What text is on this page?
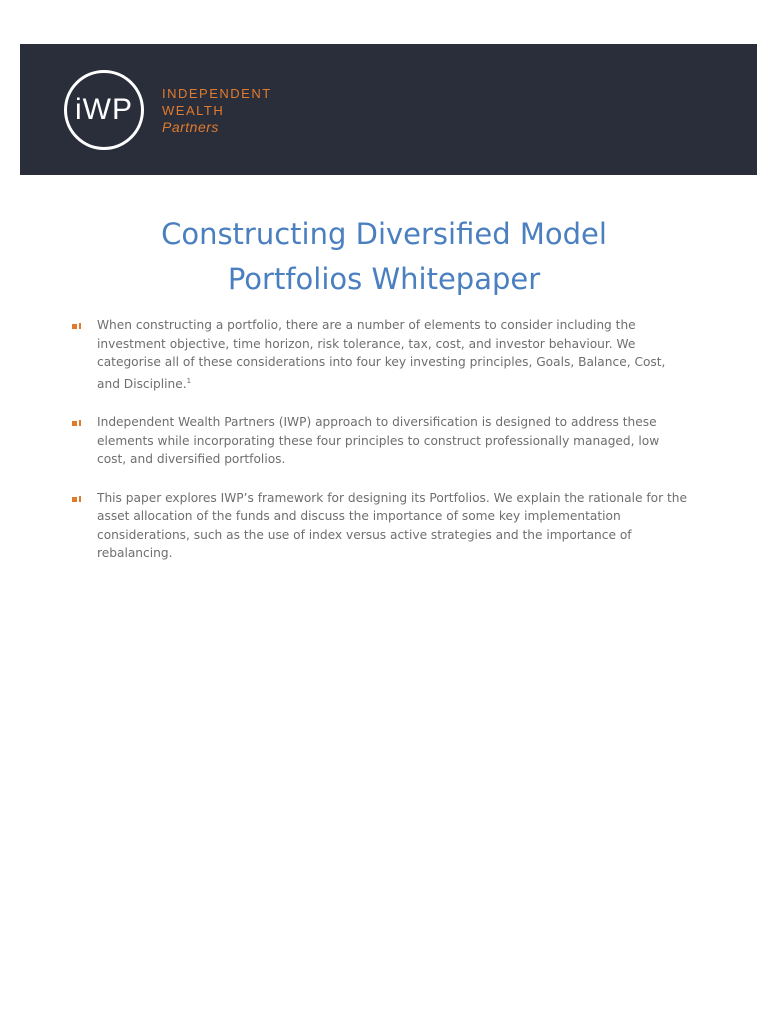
iWP	INDEPENDENT
WEALTH
Partners
Constructing Diversified Model
Portfolios Whitepaper

When constructing a portfolio, there are a number of elements to consider including the investment objective, time horizon, risk tolerance, tax, cost, and investor behaviour. We categorise all of these considerations into four key investing principles, Goals, Balance, Cost, and Discipline.$^1$

Independent Wealth Partners (IWP) approach to diversification is designed to address these elements while incorporating these four principles to construct professionally managed, low cost, and diversified portfolios.

This paper explores IWP’s framework for designing its Portfolios. We explain the rationale for the asset allocation of the funds and discuss the importance of some key implementation considerations, such as the use of index versus active strategies and the importance of rebalancing.
